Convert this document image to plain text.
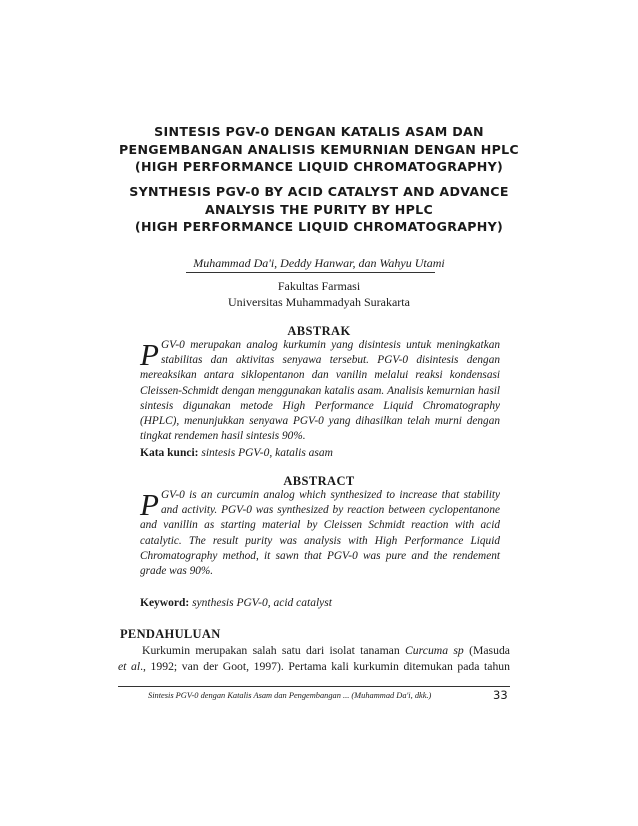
SINTESIS PGV-0 DENGAN KATALIS ASAM DAN
PENGEMBANGAN ANALISIS KEMURNIAN DENGAN HPLC
(HIGH PERFORMANCE LIQUID CHROMATOGRAPHY)
SYNTHESIS PGV-0 BY ACID CATALYST AND ADVANCE
ANALYSIS THE PURITY BY HPLC
(HIGH PERFORMANCE LIQUID CHROMATOGRAPHY)
Muhammad Da'i, Deddy Hanwar, dan Wahyu Utami
Fakultas Farmasi
Universitas Muhammadyah Surakarta
ABSTRAK
PGV-0 merupakan analog kurkumin yang disintesis untuk meningkatkan stabilitas dan aktivitas senyawa tersebut. PGV-0 disintesis dengan mereaksikan antara siklopentanon dan vanilin melalui reaksi kondensasi Cleissen-Schmidt dengan menggunakan katalis asam. Analisis kemurnian hasil sintesis digunakan metode High Performance Liquid Chromatography (HPLC), menunjukkan senyawa PGV-0 yang dihasilkan telah murni dengan tingkat rendemen hasil sintesis 90%.
Kata kunci: sintesis PGV-0, katalis asam
ABSTRACT
PGV-0 is an curcumin analog which synthesized to increase that stability and activity. PGV-0 was synthesized by reaction between cyclopentanone and vanillin as starting material by Cleissen Schmidt reaction with acid catalytic. The result purity was analysis with High Performance Liquid Chromatography method, it sawn that PGV-0 was pure and the rendement grade was 90%.
Keyword: synthesis PGV-0, acid catalyst
PENDAHULUAN
Kurkumin merupakan salah satu dari isolat tanaman Curcuma sp (Masuda
et al., 1992; van der Goot, 1997). Pertama kali kurkumin ditemukan pada tahun
Sintesis PGV-0 dengan Katalis Asam dan Pengembangan ... (Muhammad Da'i, dkk.)	33
